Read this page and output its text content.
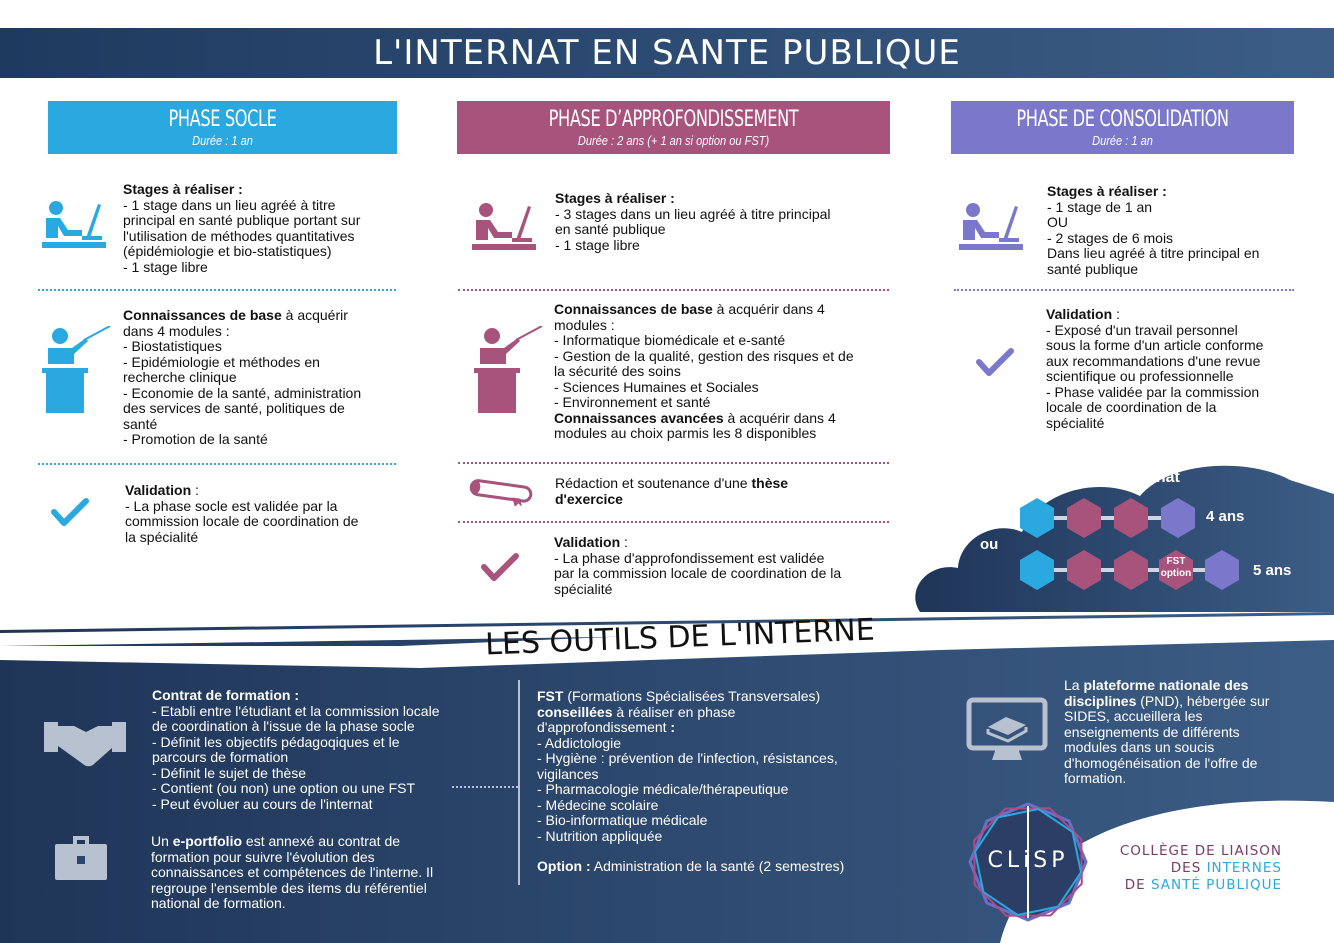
L'INTERNAT EN SANTE PUBLIQUE
PHASE SOCLE
Durée : 1 an
PHASE D’APPROFONDISSEMENT
Durée : 2 ans (+ 1 an si option ou FST)
PHASE DE CONSOLIDATION
Durée : 1 an
Stages à réaliser :
- 1 stage dans un lieu agréé à titre
principal en santé publique portant sur
l'utilisation de méthodes quantitatives
(épidémiologie et bio-statistiques)
- 1 stage libre
Connaissances de base à acquérir
dans 4 modules :
- Biostatistiques
- Epidémiologie et méthodes en
recherche clinique
- Economie de la santé, administration
des services de santé, politiques de
santé
- Promotion de la santé
Validation :
- La phase socle est validée par la
commission locale de coordination de
la spécialité
Stages à réaliser :
- 3 stages dans un lieu agréé à titre principal
en santé publique
- 1 stage libre
Connaissances de base à acquérir dans 4
modules :
- Informatique biomédicale et e-santé
- Gestion de la qualité, gestion des risques et de
la sécurité des soins
- Sciences Humaines et Sociales
- Environnement et santé
Connaissances avancées à acquérir dans 4
modules au choix parmis les 8 disponibles
Rédaction et soutenance d'une thèse
d'exercice
Validation :
- La phase d'approfondissement est validée
par la commission locale de coordination de la
spécialité
Stages à réaliser :
- 1 stage de 1 an
OU
- 2 stages de 6 mois
Dans lieu agréé à titre principal en
santé publique
Validation :
- Exposé d'un travail personnel
sous la forme d'un article conforme
aux recommandations d'une revue
scientifique ou professionnelle
- Phase validée par la commission
locale de coordination de la
spécialité
Durée de l'internat
ou
FST
option
4 ans
5 ans
LES OUTILS DE L'INTERNE
Contrat de formation :
- Etabli entre l'étudiant et la commission locale
de coordination à l'issue de la phase socle
- Définit les objectifs pédagoqiques et le
parcours de formation
- Définit le sujet de thèse
- Contient (ou non) une option ou une FST
- Peut évoluer au cours de l'internat
Un e-portfolio est annexé au contrat de
formation pour suivre l'évolution des
connaissances et compétences de l'interne. Il
regroupe l'ensemble des items du référentiel
national de formation.
FST (Formations Spécialisées Transversales)
conseillées à réaliser en phase
d'approfondissement :
- Addictologie
- Hygiène : prévention de l'infection, résistances,
vigilances
- Pharmacologie médicale/thérapeutique
- Médecine scolaire
- Bio-informatique médicale
- Nutrition appliquée
Option : Administration de la santé (2 semestres)
La plateforme nationale des
disciplines (PND), hébergée sur
SIDES, accueillera les
enseignements de différents
modules dans un soucis
d'homogénéisation de l'offre de
formation.
CLiSP	COLLÈGE DE LIAISON
DES INTERNES
DE SANTÉ PUBLIQUE
